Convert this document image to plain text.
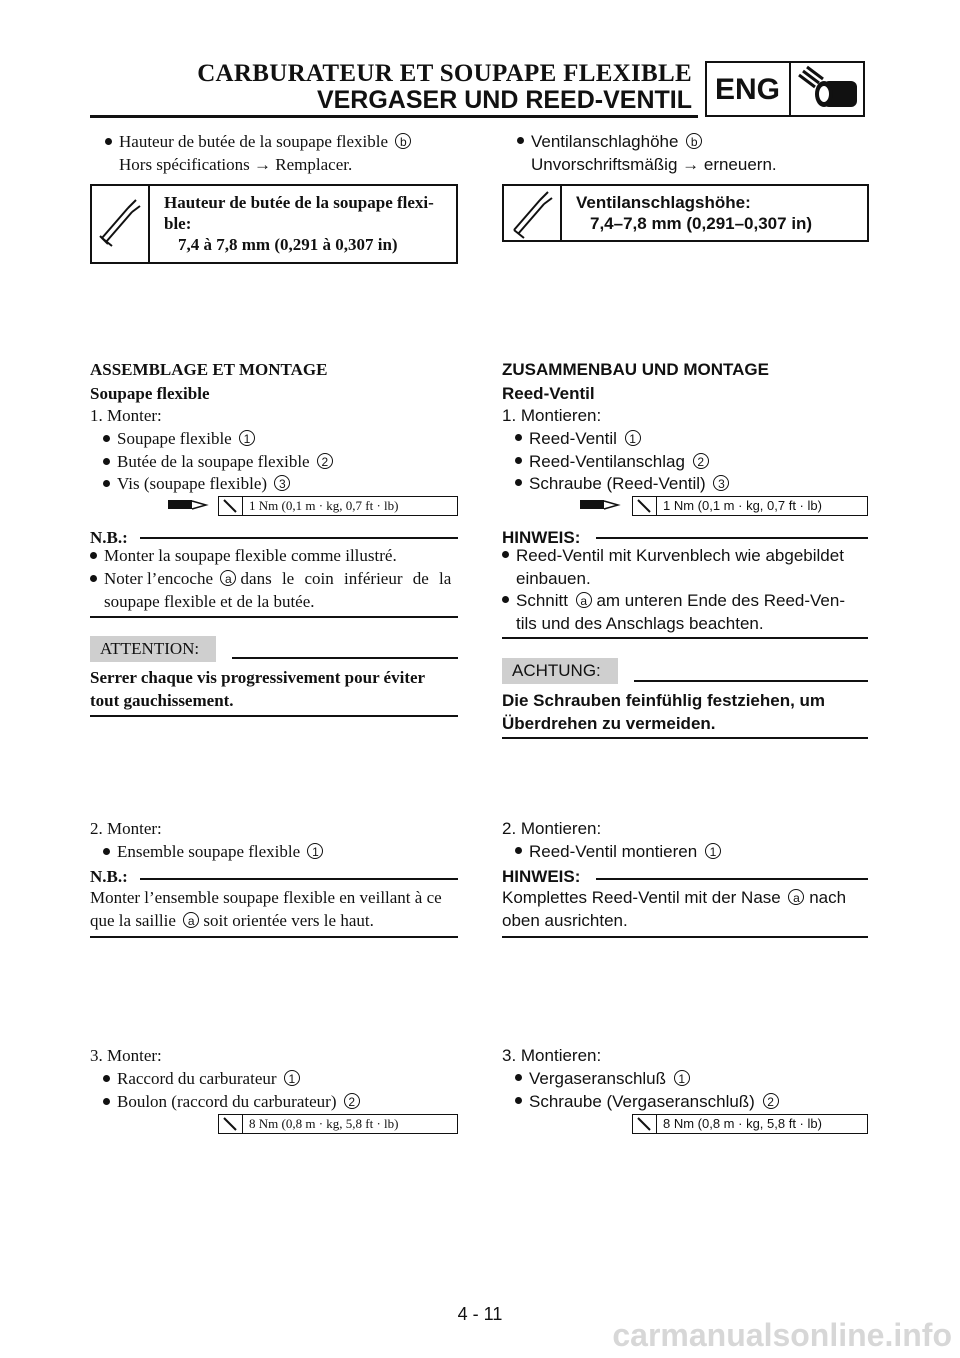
CARBURATEUR ET SOUPAPE FLEXIBLE
VERGASER UND REED-VENTIL ENG
Hauteur de butée de la soupape flexible b
Hors spécifications → Remplacer.
Hauteur de butée de la soupape flexi-
ble:
7,4 à 7,8 mm (0,291 à 0,307 in)
ASSEMBLAGE ET MONTAGE
Soupape flexible
1. Monter:
Soupape flexible 1
Butée de la soupape flexible 2
Vis (soupape flexible) 3
1 Nm (0,1 m · kg, 0,7 ft · lb)
N.B.:
Monter la soupape flexible comme illustré.
Noter l’encoche a dans le coin inférieur de la
soupape flexible et de la butée.
ATTENTION:
Serrer chaque vis progressivement pour éviter
tout gauchissement.
2. Monter:
Ensemble soupape flexible 1
N.B.:
Monter l’ensemble soupape flexible en veillant à ce
que la saillie a soit orientée vers le haut.
3. Monter:
Raccord du carburateur 1
Boulon (raccord du carburateur) 2
8 Nm (0,8 m · kg, 5,8 ft · lb)
Ventilanschlaghöhe b
Unvorschriftsmäßig → erneuern.
Ventilanschlagshöhe:
7,4–7,8 mm (0,291–0,307 in)
ZUSAMMENBAU UND MONTAGE
Reed-Ventil
1. Montieren:
Reed-Ventil 1
Reed-Ventilanschlag 2
Schraube (Reed-Ventil) 3
1 Nm (0,1 m · kg, 0,7 ft · lb)
HINWEIS:
Reed-Ventil mit Kurvenblech wie abgebildet
einbauen.
Schnitt a am unteren Ende des Reed-Ven-
tils und des Anschlags beachten.
ACHTUNG:
Die Schrauben feinfühlig festziehen, um
Überdrehen zu vermeiden.
2. Montieren:
Reed-Ventil montieren 1
HINWEIS:
Komplettes Reed-Ventil mit der Nase a nach
oben ausrichten.
3. Montieren:
Vergaseranschluß 1
Schraube (Vergaseranschluß) 2
8 Nm (0,8 m · kg, 5,8 ft · lb)
4 - 11
carmanualsonline.info
